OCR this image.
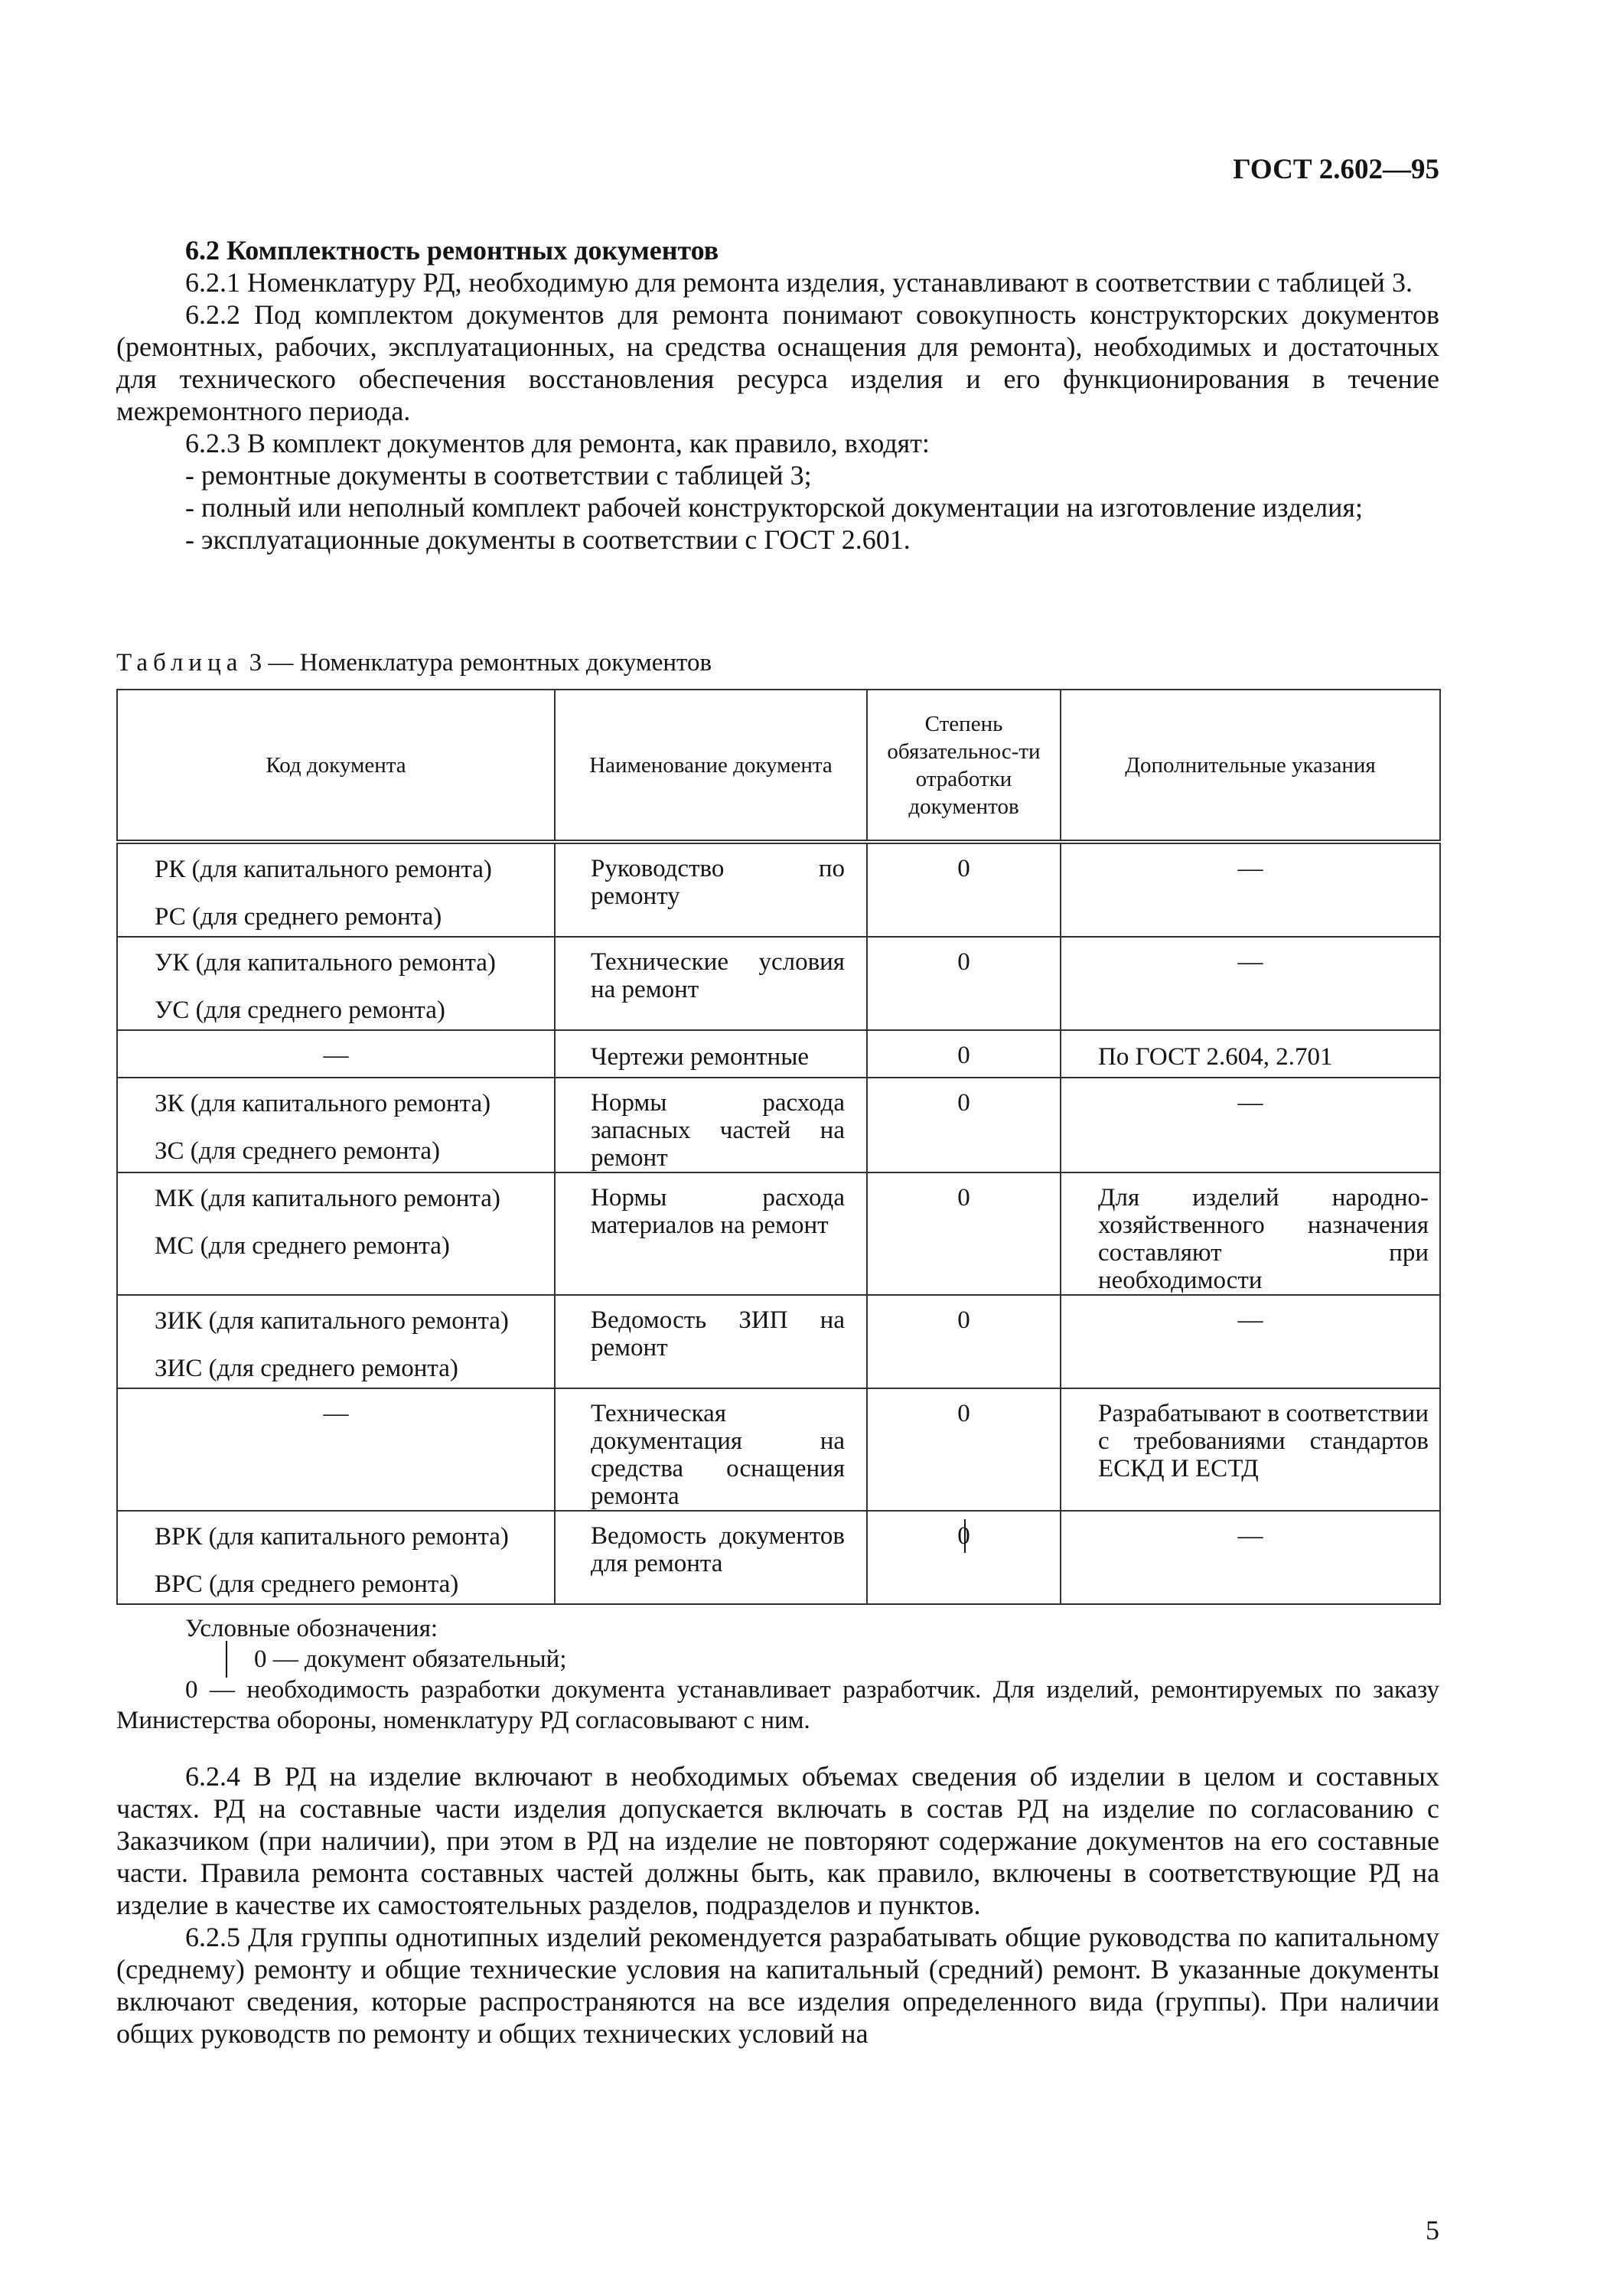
ГОСТ 2.602—95

6.2 Комплектность ремонтных документов

6.2.1 Номенклатуру РД, необходимую для ремонта изделия, устанавливают в соответствии с таблицей 3.

6.2.2 Под комплектом документов для ремонта понимают совокупность конструкторских документов (ремонтных, рабочих, эксплуатационных, на средства оснащения для ремонта), необходимых и достаточных для технического обеспечения восстановления ресурса изделия и его функционирования в течение межремонтного периода.

6.2.3 В комплект документов для ремонта, как правило, входят:

- ремонтные документы в соответствии с таблицей 3;

- полный или неполный комплект рабочей конструкторской документации на изготовление изделия;

- эксплуатационные документы в соответствии с ГОСТ 2.601.

Таблица 3 — Номенклатура ремонтных документов
Код документа	Наименование документа	Степень обязательнос-ти отработки документов	Дополнительные указания

РК (для капитального ремонта)
РС (для среднего ремонта)	Руководство по ремонту	0	—

УК (для капитального ремонта)
УС (для среднего ремонта)	Технические условия на ремонт	0	—

—	Чертежи ремонтные	0	По ГОСТ 2.604, 2.701

ЗК (для капитального ремонта)
ЗС (для среднего ремонта)	Нормы расхода запасных частей на ремонт	0	—

МК (для капитального ремонта)
МС (для среднего ремонта)	Нормы расхода материалов на ремонт	0	Для изделий народно-хозяйственного назначения составляют при необходимости

ЗИК (для капитального ремонта)
ЗИС (для среднего ремонта)	Ведомость ЗИП на ремонт	0	—

—	Техническая документация на средства оснащения ремонта	0	Разрабатывают в соответствии с требованиями стандартов ЕСКД И ЕСТД

ВРК (для капитального ремонта)
ВРС (для среднего ремонта)	Ведомость документов для ремонта	0	—

Условные обозначения:

0 — документ обязательный;

0 — необходимость разработки документа устанавливает разработчик. Для изделий, ремонтируемых по заказу Министерства обороны, номенклатуру РД согласовывают с ним.

6.2.4 В РД на изделие включают в необходимых объемах сведения об изделии в целом и составных частях. РД на составные части изделия допускается включать в состав РД на изделие по согласованию с Заказчиком (при наличии), при этом в РД на изделие не повторяют содержание документов на его составные части. Правила ремонта составных частей должны быть, как правило, включены в соответствующие РД на изделие в качестве их самостоятельных разделов, подразделов и пунктов.

6.2.5 Для группы однотипных изделий рекомендуется разрабатывать общие руководства по капитальному (среднему) ремонту и общие технические условия на капитальный (средний) ремонт. В указанные документы включают сведения, которые распространяются на все изделия определенного вида (группы). При наличии общих руководств по ремонту и общих технических условий на

5
